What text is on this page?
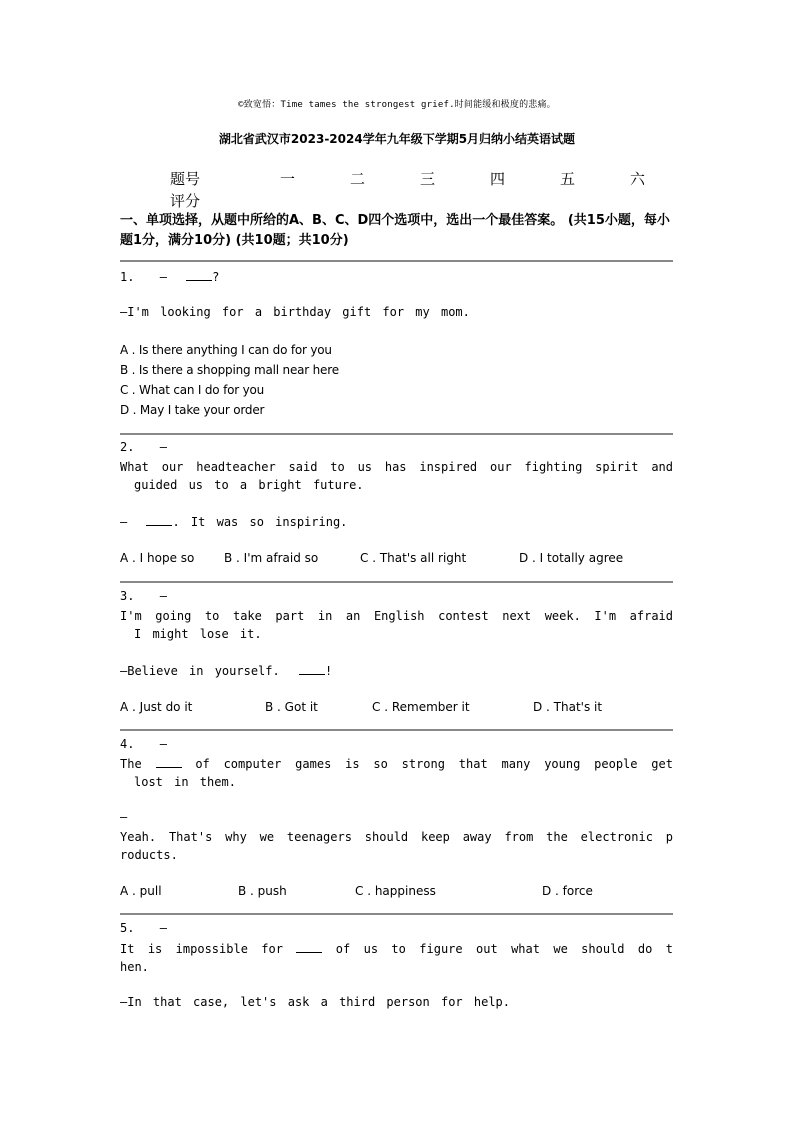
©致宽悟：Time tames the strongest grief.时间能缓和极度的悲痛。
湖北省武汉市2023-2024学年九年级下学期5月归纳小结英语试题
题号	一	二	三	四	五	六
评分
一、单项选择，从题中所给的A、B、C、D四个选项中，选出一个最佳答案。 (共15小题，每小题1分，满分10分) (共10题；共10分)
1. —	?
—I'm looking for a birthday gift for my mom.
A . Is there anything I can do for you
B . Is there a shopping mall near here
C . What can I do for you
D . May I take your order
2. —
What our headteacher said to us has inspired our fighting spirit and
guided us to a bright future.
—	. It was so inspiring.
A . I hope so B . I'm afraid so	C . That's all right	D . I totally agree
3. —
I'm going to take part in an English contest next week. I'm afraid
I might lose it.
—Believe in yourself.	!
A . Just do it	B . Got it	C . Remember it	D . That's it
4. —
The	of computer games is so strong that many young people get
lost in them.
—
Yeah. That's why we teenagers should keep away from the electronic p
roducts.
A . pull	B . push	C . happiness	D . force
5. —
It is impossible for	of us to figure out what we should do t
hen.
—In that case, let's ask a third person for help.
